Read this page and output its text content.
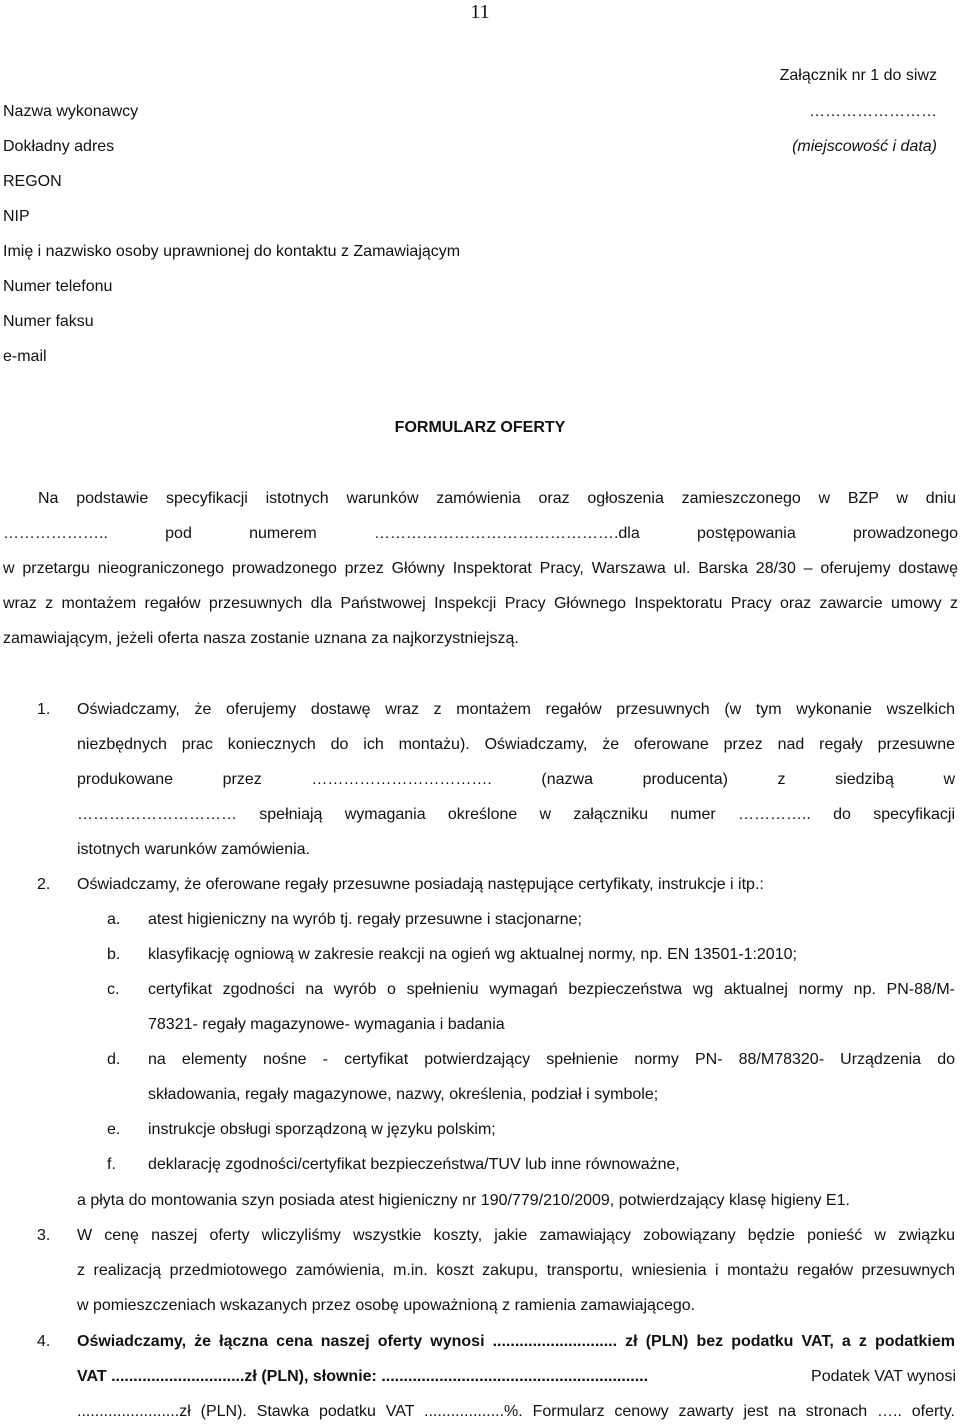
11
Załącznik nr 1 do siwz
……………………
(miejscowość i data)
Nazwa wykonawcy
Dokładny adres
REGON
NIP
Imię i nazwisko osoby uprawnionej do kontaktu z Zamawiającym
Numer telefonu
Numer faksu
e-mail
FORMULARZ OFERTY
Na podstawie specyfikacji istotnych warunków zamówienia oraz ogłoszenia zamieszczonego w BZP w dniu
……………….. pod numerem ……………………………………….dla postępowania prowadzonego
w przetargu nieograniczonego prowadzonego przez Główny Inspektorat Pracy, Warszawa ul. Barska 28/30 – oferujemy dostawę
wraz z montażem regałów przesuwnych dla Państwowej Inspekcji Pracy Głównego Inspektoratu Pracy oraz zawarcie umowy z
zamawiającym, jeżeli oferta nasza zostanie uznana za najkorzystniejszą.
1.	Oświadczamy, że oferujemy dostawę wraz z montażem regałów przesuwnych (w tym wykonanie wszelkich
niezbędnych prac koniecznych do ich montażu). Oświadczamy, że oferowane przez nad regały przesuwne
produkowane przez ……………………………. (nazwa producenta) z siedzibą w
………………………… spełniają wymagania określone w załączniku numer ………….. do specyfikacji
istotnych warunków zamówienia.
2.	Oświadczamy, że oferowane regały przesuwne posiadają następujące certyfikaty, instrukcje i itp.:
a.	atest higieniczny na wyrób tj. regały przesuwne i stacjonarne;
b.	klasyfikację ogniową w zakresie reakcji na ogień wg aktualnej normy, np. EN 13501-1:2010;
c.	certyfikat zgodności na wyrób o spełnieniu wymagań bezpieczeństwa wg aktualnej normy np. PN-88/M-
78321- regały magazynowe- wymagania i badania
d.	na elementy nośne - certyfikat potwierdzający spełnienie normy PN- 88/M78320- Urządzenia do
składowania, regały magazynowe, nazwy, określenia, podział i symbole;
e.	instrukcje obsługi sporządzoną w języku polskim;
f.	deklarację zgodności/certyfikat bezpieczeństwa/TUV lub inne równoważne,
a płyta do montowania szyn posiada atest higieniczny nr 190/779/210/2009, potwierdzający klasę higieny E1.
3.	W cenę naszej oferty wliczyliśmy wszystkie koszty, jakie zamawiający zobowiązany będzie ponieść w związku
z realizacją przedmiotowego zamówienia, m.in. koszt zakupu, transportu, wniesienia i montażu regałów przesuwnych
w pomieszczeniach wskazanych przez osobę upoważnioną z ramienia zamawiającego.
4.	Oświadczamy, że łączna cena naszej oferty wynosi ............................ zł (PLN) bez podatku VAT, a z podatkiem
VAT ..............................zł (PLN), słownie: ............................................................	Podatek VAT wynosi
.......................zł (PLN). Stawka podatku VAT ..................%. Formularz cenowy zawarty jest na stronach ….. oferty.
